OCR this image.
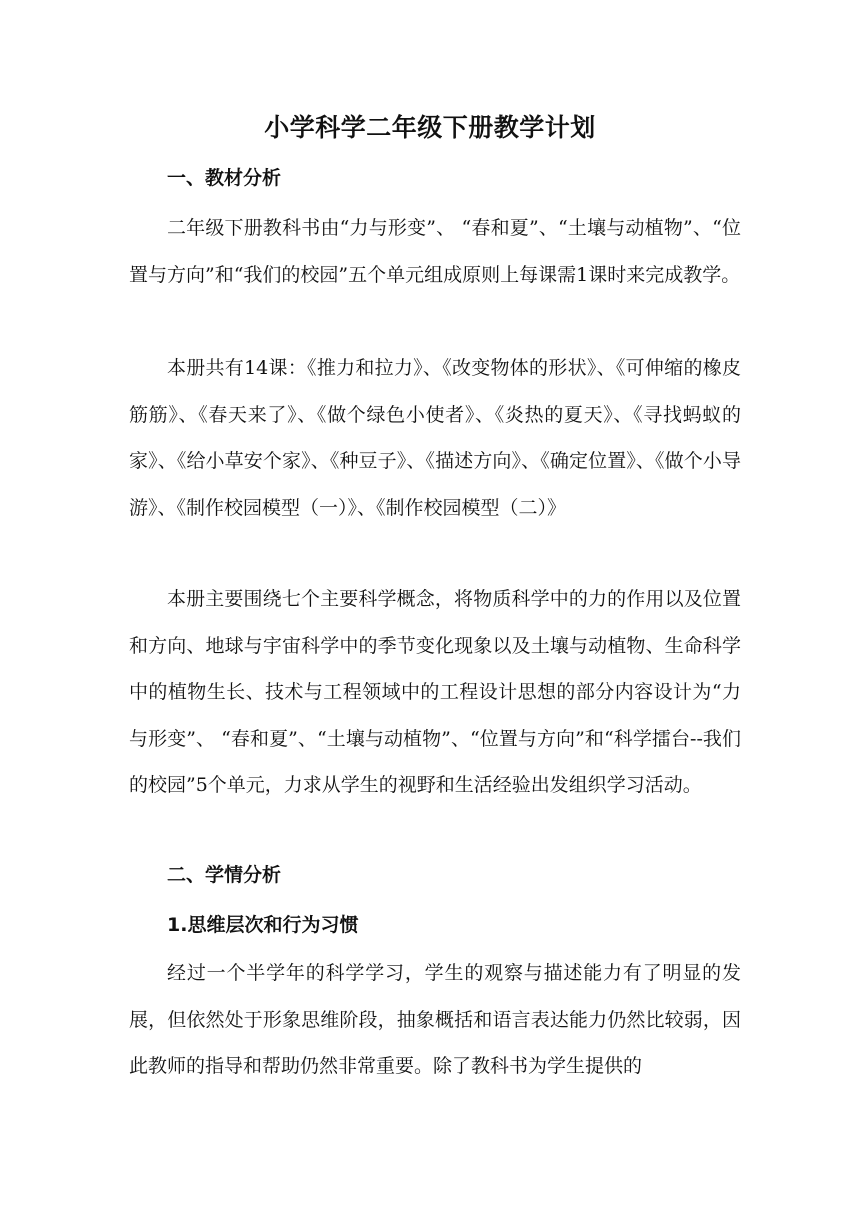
小学科学二年级下册教学计划
一、教材分析

二年级下册教科书由“力与形变”、 “春和夏”、“土壤与动植物”、“位置与方向”和“我们的校园”五个单元组成原则上每课需1课时来完成教学。

本册共有14课：《推力和拉力》、《改变物体的形状》、《可伸缩的橡皮筋筋》、《春天来了》、《做个绿色小使者》、《炎热的夏天》、《寻找蚂蚁的家》、《给小草安个家》、《种豆子》、《描述方向》、《确定位置》、《做个小导游》、《制作校园模型（一）》、《制作校园模型（二）》

本册主要围绕七个主要科学概念，将物质科学中的力的作用以及位置和方向、地球与宇宙科学中的季节变化现象以及土壤与动植物、生命科学中的植物生长、技术与工程领域中的工程设计思想的部分内容设计为“力与形变”、 “春和夏”、“土壤与动植物”、“位置与方向”和“科学擂台--我们的校园”5个单元，力求从学生的视野和生活经验出发组织学习活动。

二、学情分析
1.思维层次和行为习惯

经过一个半学年的科学学习，学生的观察与描述能力有了明显的发展，但依然处于形象思维阶段，抽象概括和语言表达能力仍然比较弱，因此教师的指导和帮助仍然非常重要。除了教科书为学生提供的
